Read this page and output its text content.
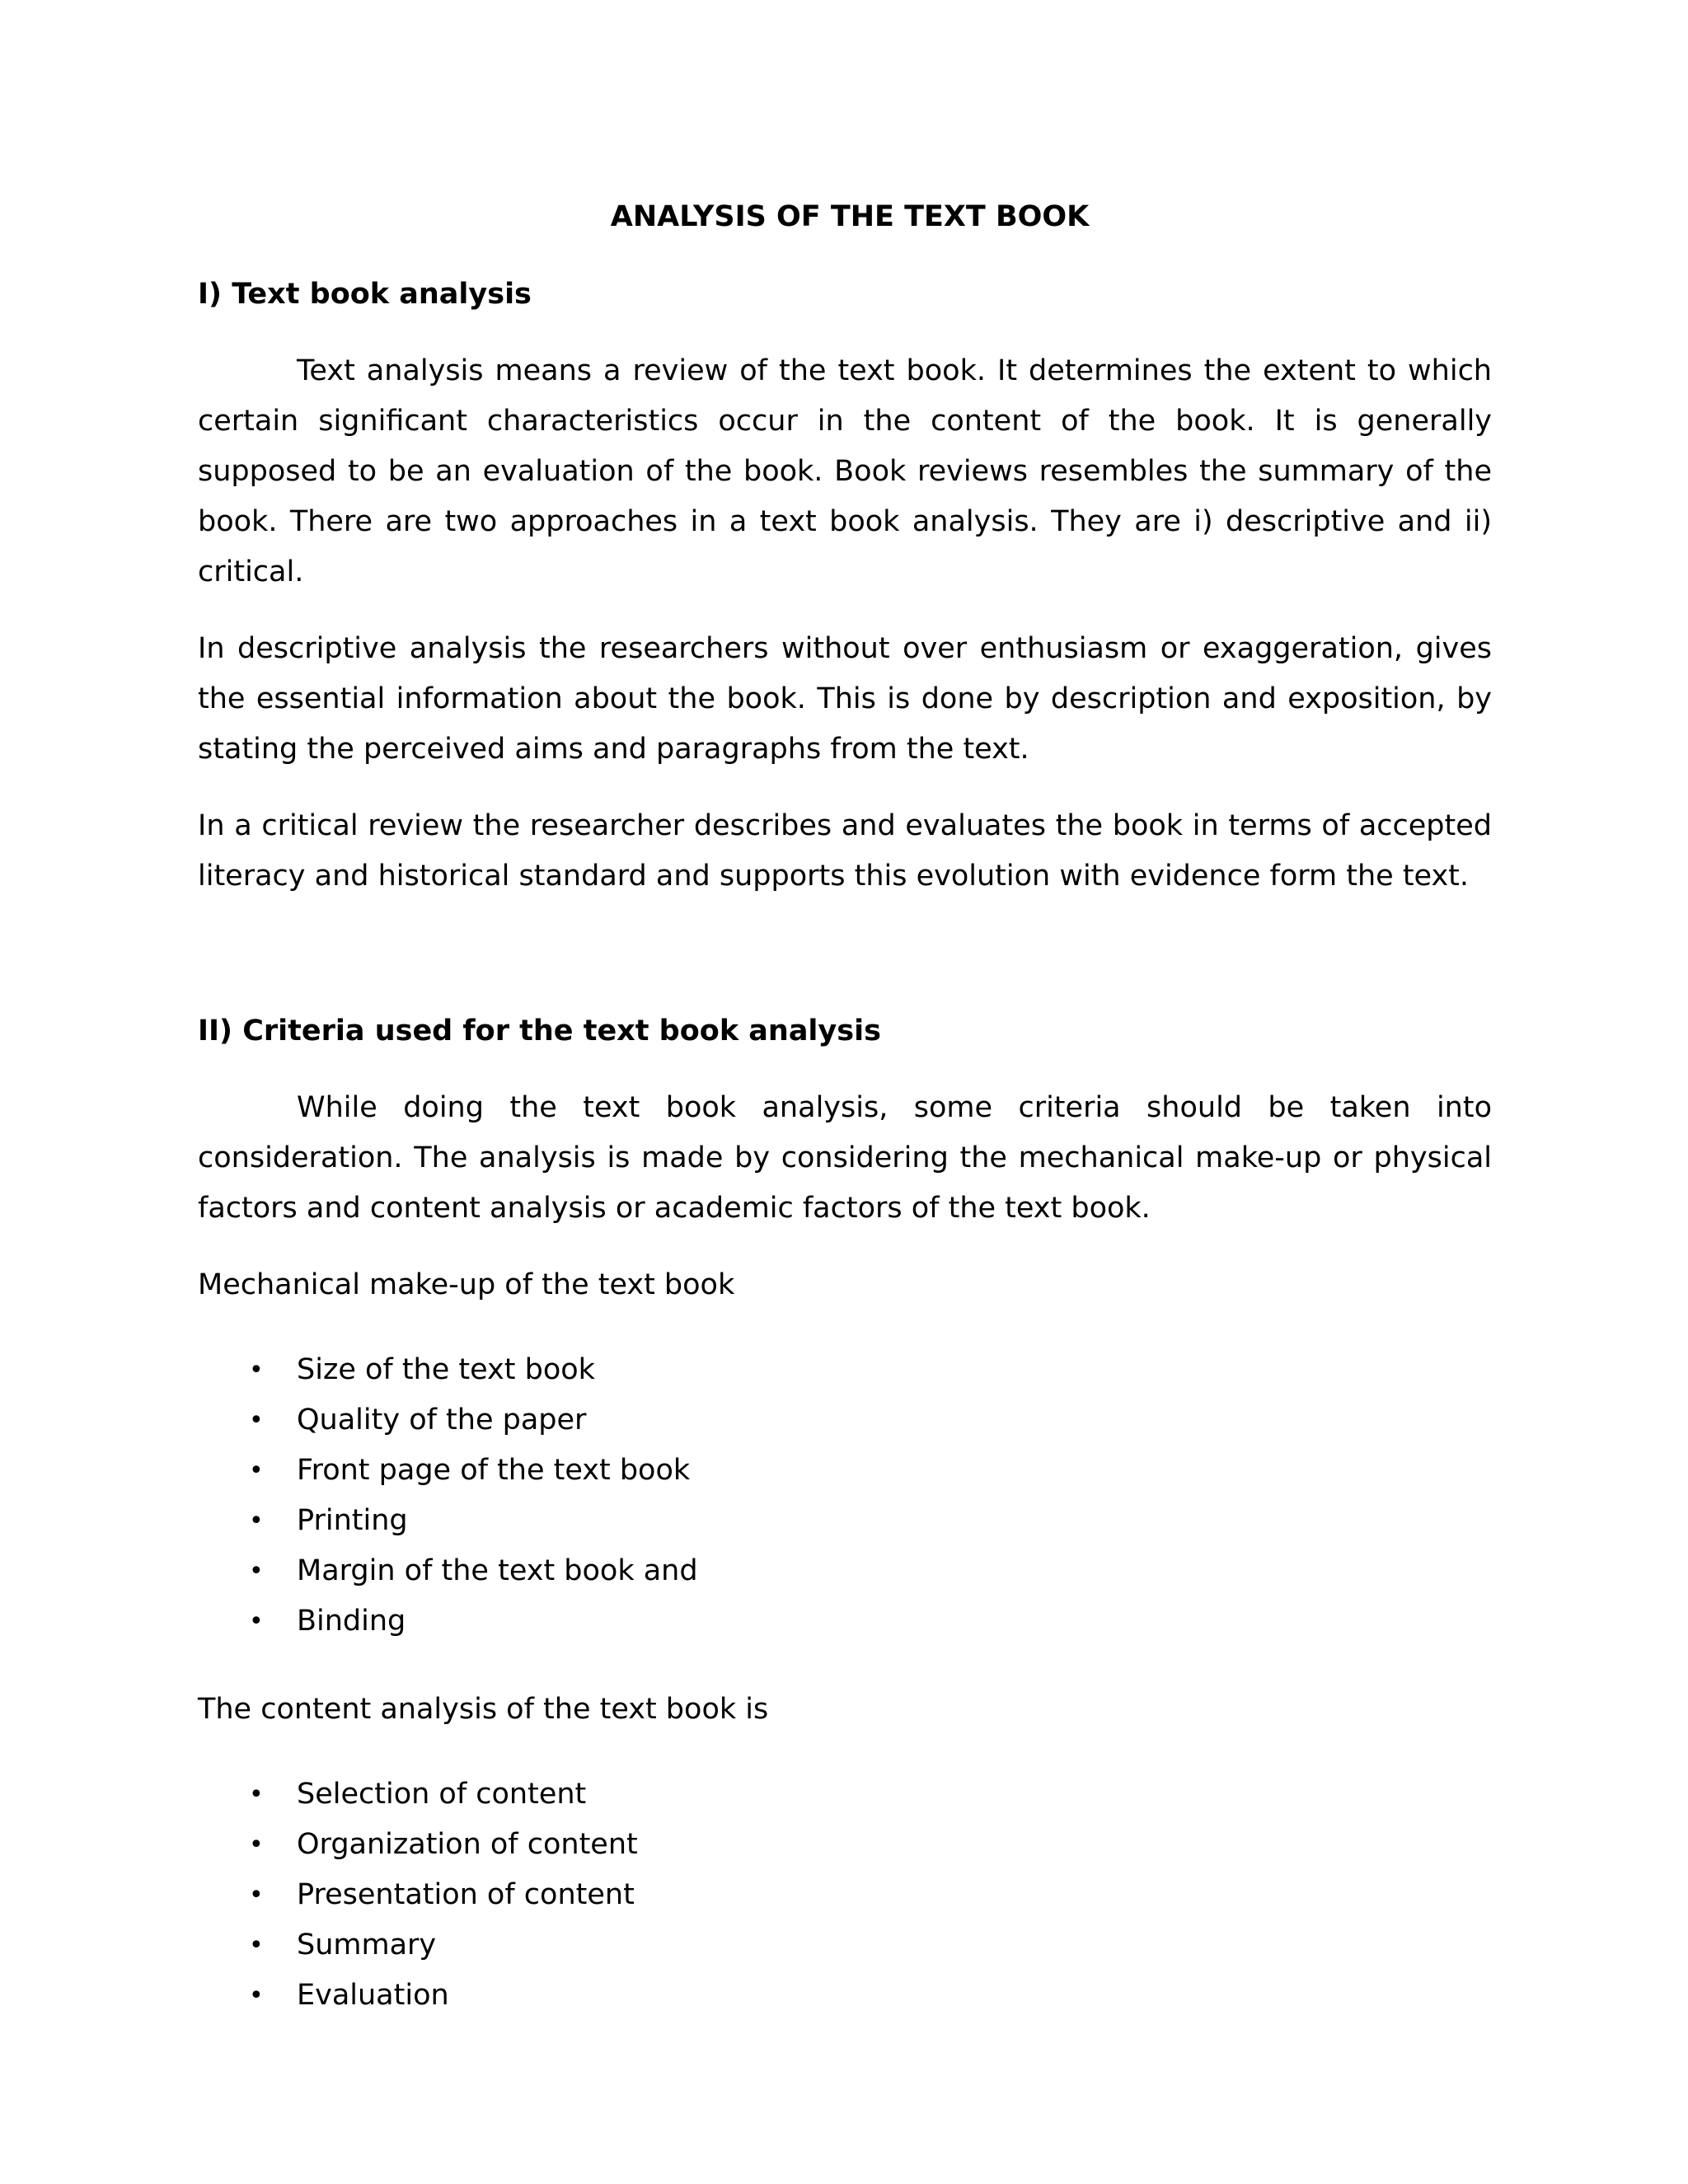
ANALYSIS OF THE TEXT BOOK
I) Text book analysis

Text analysis means a review of the text book. It determines the extent to which certain significant characteristics occur in the content of the book. It is generally supposed to be an evaluation of the book. Book reviews resembles the summary of the book. There are two approaches in a text book analysis. They are i) descriptive and ii) critical.

In descriptive analysis the researchers without over enthusiasm or exaggeration, gives the essential information about the book. This is done by description and exposition, by stating the perceived aims and paragraphs from the text.

In a critical review the researcher describes and evaluates the book in terms of accepted literacy and historical standard and supports this evolution with evidence form the text.

II) Criteria used for the text book analysis

While doing the text book analysis, some criteria should be taken into consideration. The analysis is made by considering the mechanical make-up or physical factors and content analysis or academic factors of the text book.

Mechanical make-up of the text book

• Size of the text book
• Quality of the paper
• Front page of the text book
• Printing
• Margin of the text book and
• Binding

The content analysis of the text book is

• Selection of content
• Organization of content
• Presentation of content
• Summary
• Evaluation
